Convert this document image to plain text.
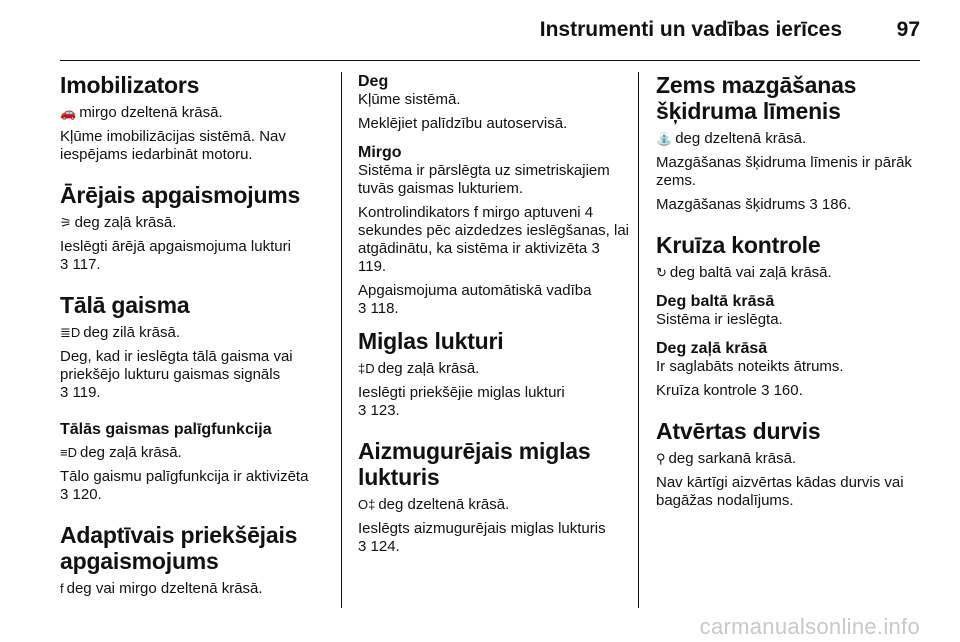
Instrumenti un vadības ierīces	97
Imobilizators

🚗 mirgo dzeltenā krāsā.

Kļūme imobilizācijas sistēmā. Nav iespējams iedarbināt motoru.

Ārējais apgaismojums

⚞ deg zaļā krāsā.

Ieslēgti ārējā apgaismojuma lukturi
3 117.

Tālā gaisma

≣D deg zilā krāsā.

Deg, kad ir ieslēgta tālā gaisma vai priekšējo lukturu gaismas signāls
3 119.

Tālās gaismas palīgfunkcija

≡D deg zaļā krāsā.

Tālo gaismu palīgfunkcija ir aktivizēta
3 120.

Adaptīvais priekšējais apgaismojums

f deg vai mirgo dzeltenā krāsā.

Deg

Kļūme sistēmā.

Meklējiet palīdzību autoservisā.

Mirgo

Sistēma ir pārslēgta uz simetriskajiem tuvās gaismas lukturiem.

Kontrolindikators f mirgo aptuveni 4 sekundes pēc aizdedzes ieslēgšanas, lai atgādinātu, ka sistēma ir aktivizēta 3 119.

Apgaismojuma automātiskā vadība
3 118.

Miglas lukturi

‡D deg zaļā krāsā.

Ieslēgti priekšējie miglas lukturi
3 123.

Aizmugurējais miglas lukturis

O‡ deg dzeltenā krāsā.

Ieslēgts aizmugurējais miglas lukturis
3 124.

Zems mazgāšanas šķidruma līmenis

⛲ deg dzeltenā krāsā.

Mazgāšanas šķidruma līmenis ir pārāk zems.

Mazgāšanas šķidrums 3 186.

Kruīza kontrole

↻ deg baltā vai zaļā krāsā.

Deg baltā krāsā

Sistēma ir ieslēgta.

Deg zaļā krāsā

Ir saglabāts noteikts ātrums.

Kruīza kontrole 3 160.

Atvērtas durvis

⚲ deg sarkanā krāsā.

Nav kārtīgi aizvērtas kādas durvis vai bagāžas nodalījums.

carmanualsonline.info
